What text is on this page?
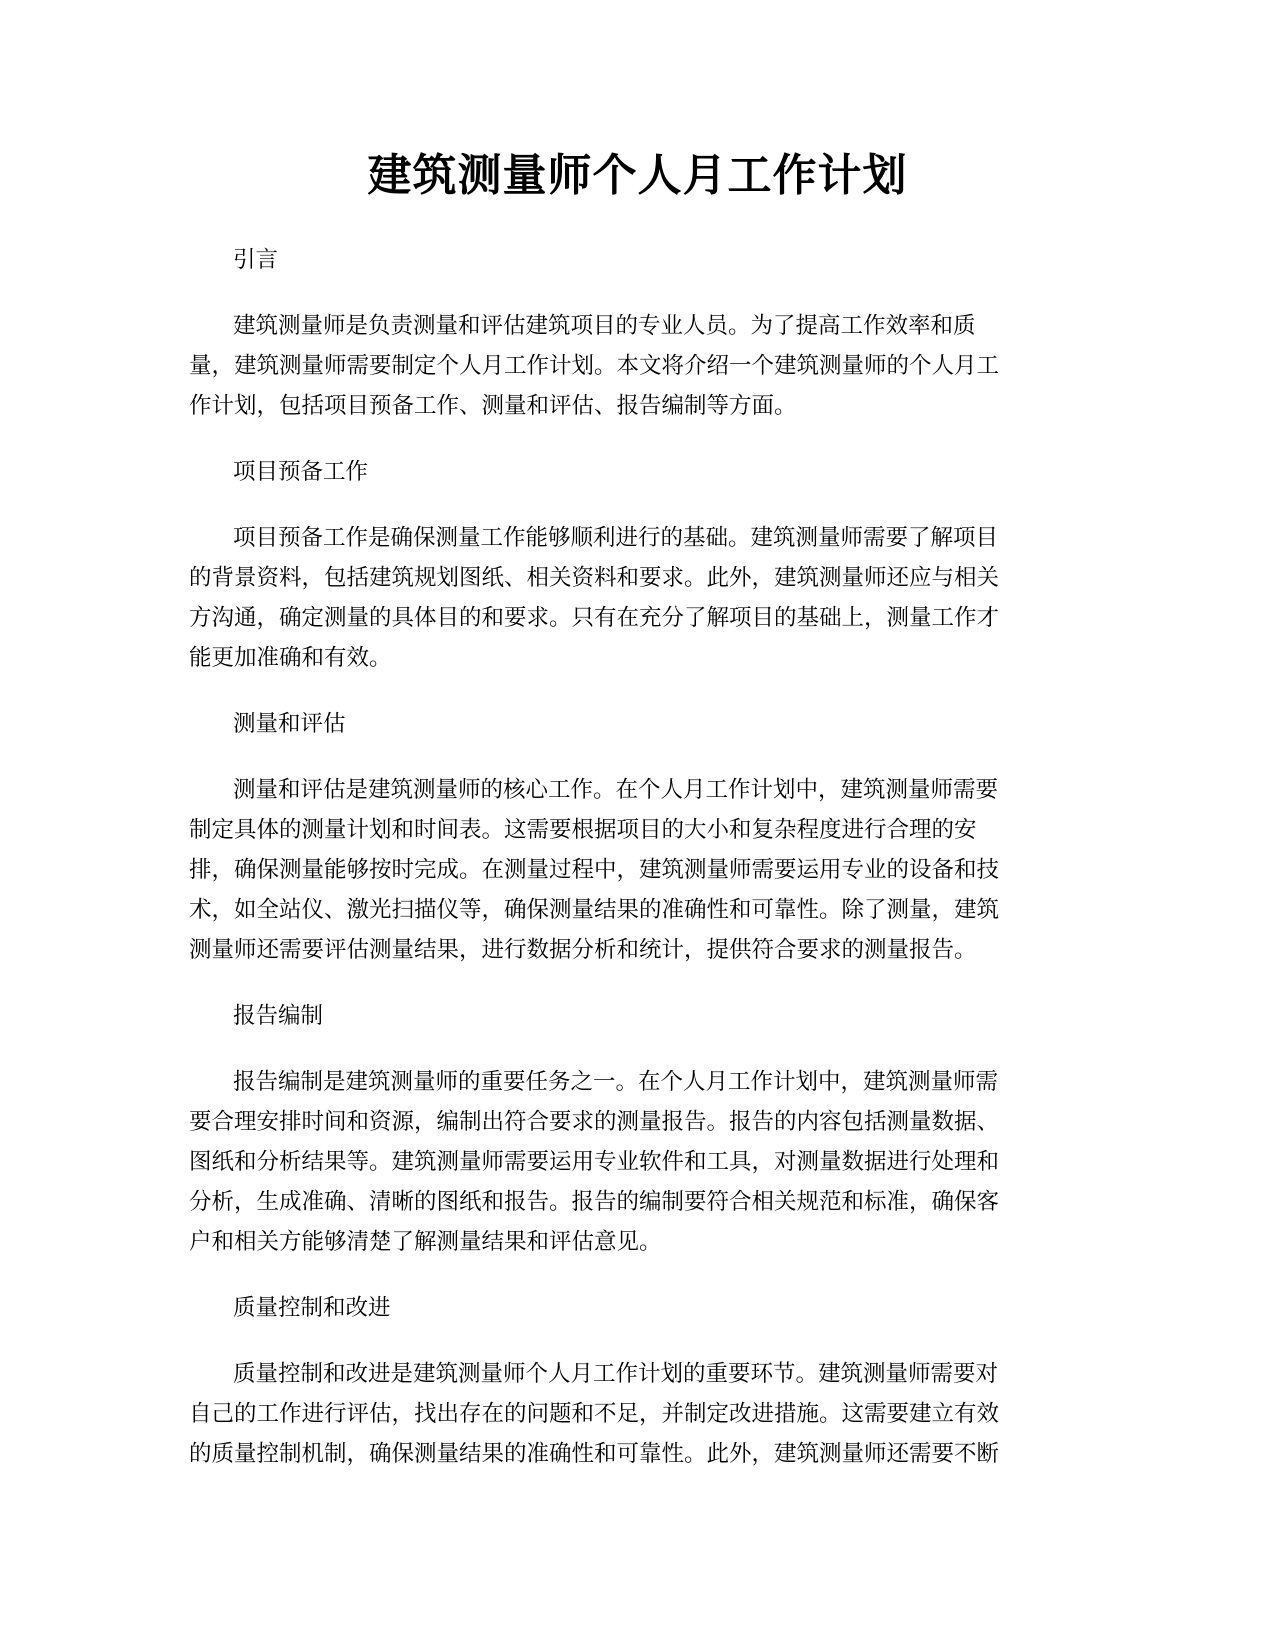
建筑测量师个人月工作计划
引言
建筑测量师是负责测量和评估建筑项目的专业人员。为了提高工作效率和质
量，建筑测量师需要制定个人月工作计划。本文将介绍一个建筑测量师的个人月工
作计划，包括项目预备工作、测量和评估、报告编制等方面。
项目预备工作
项目预备工作是确保测量工作能够顺利进行的基础。建筑测量师需要了解项目
的背景资料，包括建筑规划图纸、相关资料和要求。此外，建筑测量师还应与相关
方沟通，确定测量的具体目的和要求。只有在充分了解项目的基础上，测量工作才
能更加准确和有效。
测量和评估
测量和评估是建筑测量师的核心工作。在个人月工作计划中，建筑测量师需要
制定具体的测量计划和时间表。这需要根据项目的大小和复杂程度进行合理的安
排，确保测量能够按时完成。在测量过程中，建筑测量师需要运用专业的设备和技
术，如全站仪、激光扫描仪等，确保测量结果的准确性和可靠性。除了测量，建筑
测量师还需要评估测量结果，进行数据分析和统计，提供符合要求的测量报告。
报告编制
报告编制是建筑测量师的重要任务之一。在个人月工作计划中，建筑测量师需
要合理安排时间和资源，编制出符合要求的测量报告。报告的内容包括测量数据、
图纸和分析结果等。建筑测量师需要运用专业软件和工具，对测量数据进行处理和
分析，生成准确、清晰的图纸和报告。报告的编制要符合相关规范和标准，确保客
户和相关方能够清楚了解测量结果和评估意见。
质量控制和改进
质量控制和改进是建筑测量师个人月工作计划的重要环节。建筑测量师需要对
自己的工作进行评估，找出存在的问题和不足，并制定改进措施。这需要建立有效
的质量控制机制，确保测量结果的准确性和可靠性。此外，建筑测量师还需要不断
